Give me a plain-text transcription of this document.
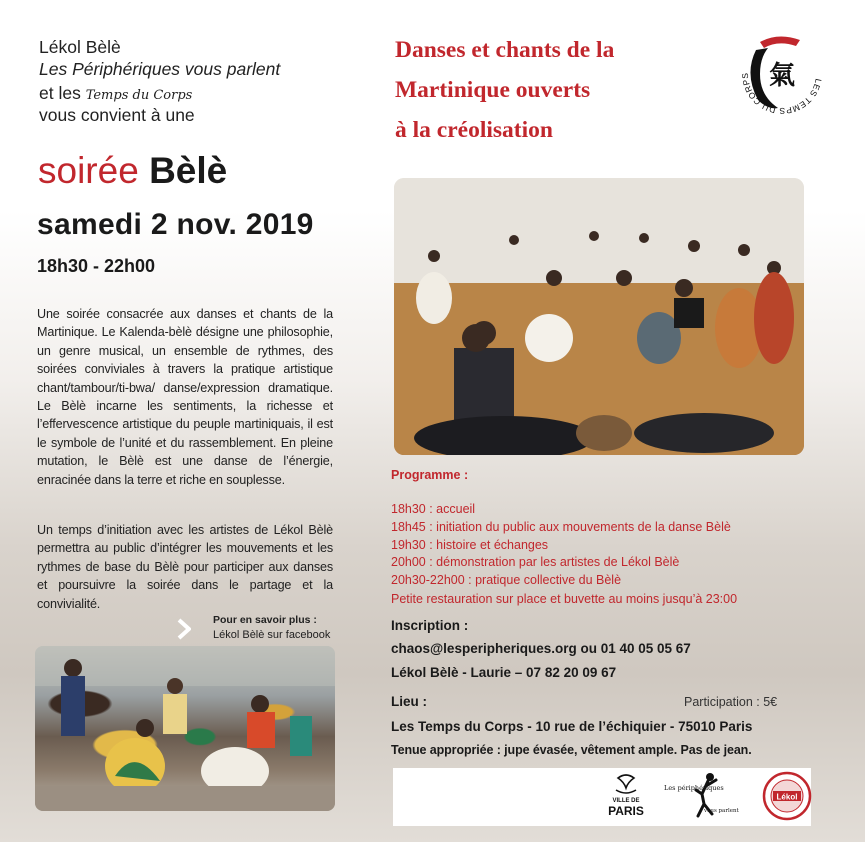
Lékol Bèlè
Les Périphériques vous parlent
et les Temps du Corps
vous convient à une
soirée Bèlè
samedi 2 nov. 2019
18h30 - 22h00
Une soirée consacrée aux danses et chants de la Martinique. Le Kalenda-bèlè désigne une philosophie, un genre musical, un ensemble de rythmes, des soirées conviviales à travers la pratique artistique chant/tambour/ti-bwa/ danse/expression dramatique. Le Bèlè incarne les sentiments, la richesse et l’effervescence artistique du peuple martiniquais, il est le symbole de l’unité et du rassemblement. En pleine mutation, le Bèlè est une danse de l’énergie, enracinée dans la terre et riche en souplesse.
Un temps d’initiation avec les artistes de Lékol Bèlè permettra au public d’intégrer les mouvements et les rythmes de base du Bèlè pour participer aux danses et poursuivre la soirée dans le partage et la convivialité.
Pour en savoir plus :
Lékol Bèlè sur facebook
Danses et chants de la
Martinique ouverts
à la créolisation
氣	LES TEMPS DU CORPS
Programme :
18h30 : accueil
18h45 : initiation du public aux mouvements de la danse Bèlè
19h30 : histoire et échanges
20h00 : démonstration par les artistes de Lékol Bèlè
20h30-22h00 : pratique collective du Bèlè
Petite restauration sur place et buvette au moins jusqu’à 23:00
Inscription :
chaos@lesperipheriques.org ou 01 40 05 05 67
Lékol Bèlè - Laurie – 07 82 20 09 67
Lieu :	Participation : 5€
Les Temps du Corps - 10 rue de l’échiquier - 75010 Paris
Tenue appropriée : jupe évasée, vêtement ample. Pas de jean.
VILLE DE
PARIS
Les périphériques
vous parlent
Lékol
